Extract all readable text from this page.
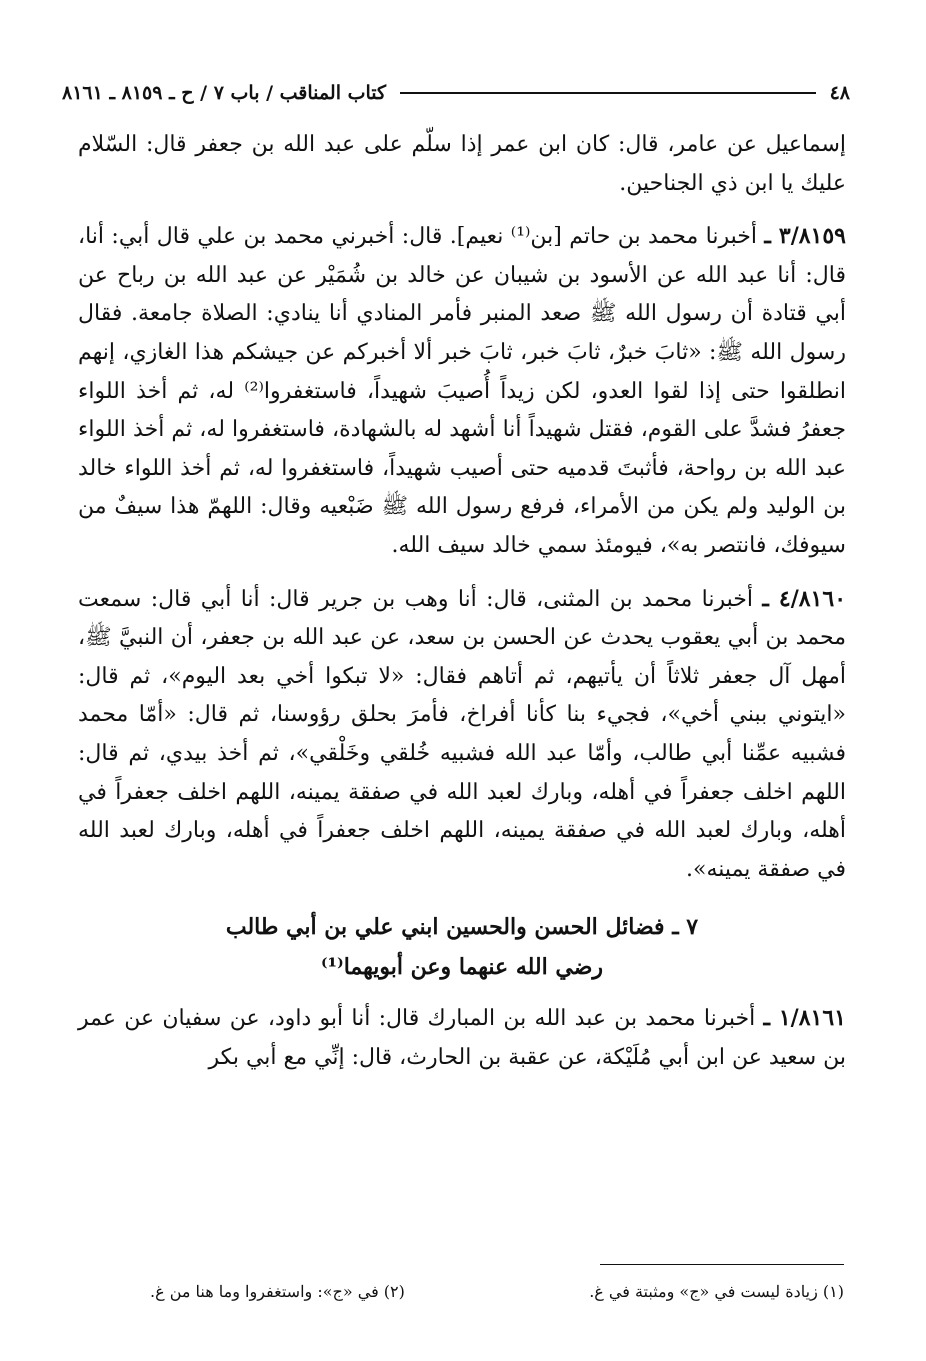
٤٨
كتاب المناقب / باب ٧ / ح ـ ٨١٥٩ ـ ٨١٦١

إسماعيل عن عامر، قال: كان ابن عمر إذا سلّم على عبد الله بن جعفر قال: السّلام عليك يا ابن ذي الجناحين.

٣/٨١٥٩ ـ أخبرنا محمد بن حاتم [بن⁽¹⁾ نعيم]. قال: أخبرني محمد بن علي قال أبي: أنا، قال: أنا عبد الله عن الأسود بن شيبان عن خالد بن شُمَيْر عن عبد الله بن رباح عن أبي قتادة أن رسول الله ﷺ صعد المنبر فأمر المنادي أنا ينادي: الصلاة جامعة. فقال رسول الله ﷺ: «ثابَ خبرٌ، ثابَ خبر، ثابَ خبر ألا أخبركم عن جيشكم هذا الغازي، إنهم انطلقوا حتى إذا لقوا العدو، لكن زيداً أُصيبَ شهيداً، فاستغفروا⁽²⁾ له، ثم أخذ اللواء جعفرُ فشدَّ على القوم، فقتل شهيداً أنا أشهد له بالشهادة، فاستغفروا له، ثم أخذ اللواء عبد الله بن رواحة، فأثبتَ قدميه حتى أصيب شهيداً، فاستغفروا له، ثم أخذ اللواء خالد بن الوليد ولم يكن من الأمراء، فرفع رسول الله ﷺ ضَبْعيه وقال: اللهمّ هذا سيفٌ من سيوفك، فانتصر به»، فيومئذ سمي خالد سيف الله.

٤/٨١٦٠ ـ أخبرنا محمد بن المثنى، قال: أنا وهب بن جرير قال: أنا أبي قال: سمعت محمد بن أبي يعقوب يحدث عن الحسن بن سعد، عن عبد الله بن جعفر، أن النبيَّ ﷺ، أمهل آل جعفر ثلاثاً أن يأتيهم، ثم أتاهم فقال: «لا تبكوا أخي بعد اليوم»، ثم قال: «ايتوني ببني أخي»، فجيء بنا كأنا أفراخ، فأمرَ بحلق رؤوسنا، ثم قال: «أمّا محمد فشبيه عمِّنا أبي طالب، وأمّا عبد الله فشبيه خُلقي وخَلْقي»، ثم أخذ بيدي، ثم قال: اللهم اخلف جعفراً في أهله، وبارك لعبد الله في صفقة يمينه، اللهم اخلف جعفراً في أهله، وبارك لعبد الله في صفقة يمينه، اللهم اخلف جعفراً في أهله، وبارك لعبد الله في صفقة يمينه».

٧ ـ فضائل الحسن والحسين ابني علي بن أبي طالب
رضي الله عنهما وعن أبويهما⁽¹⁾

١/٨١٦١ ـ أخبرنا محمد بن عبد الله بن المبارك قال: أنا أبو داود، عن سفيان عن عمر بن سعيد عن ابن أبي مُلَيْكة، عن عقبة بن الحارث، قال: إنِّي مع أبي بكر

(١) زيادة ليست في «ج» ومثبتة في غ.
(٢) في «ج»: واستغفروا وما هنا من غ.
